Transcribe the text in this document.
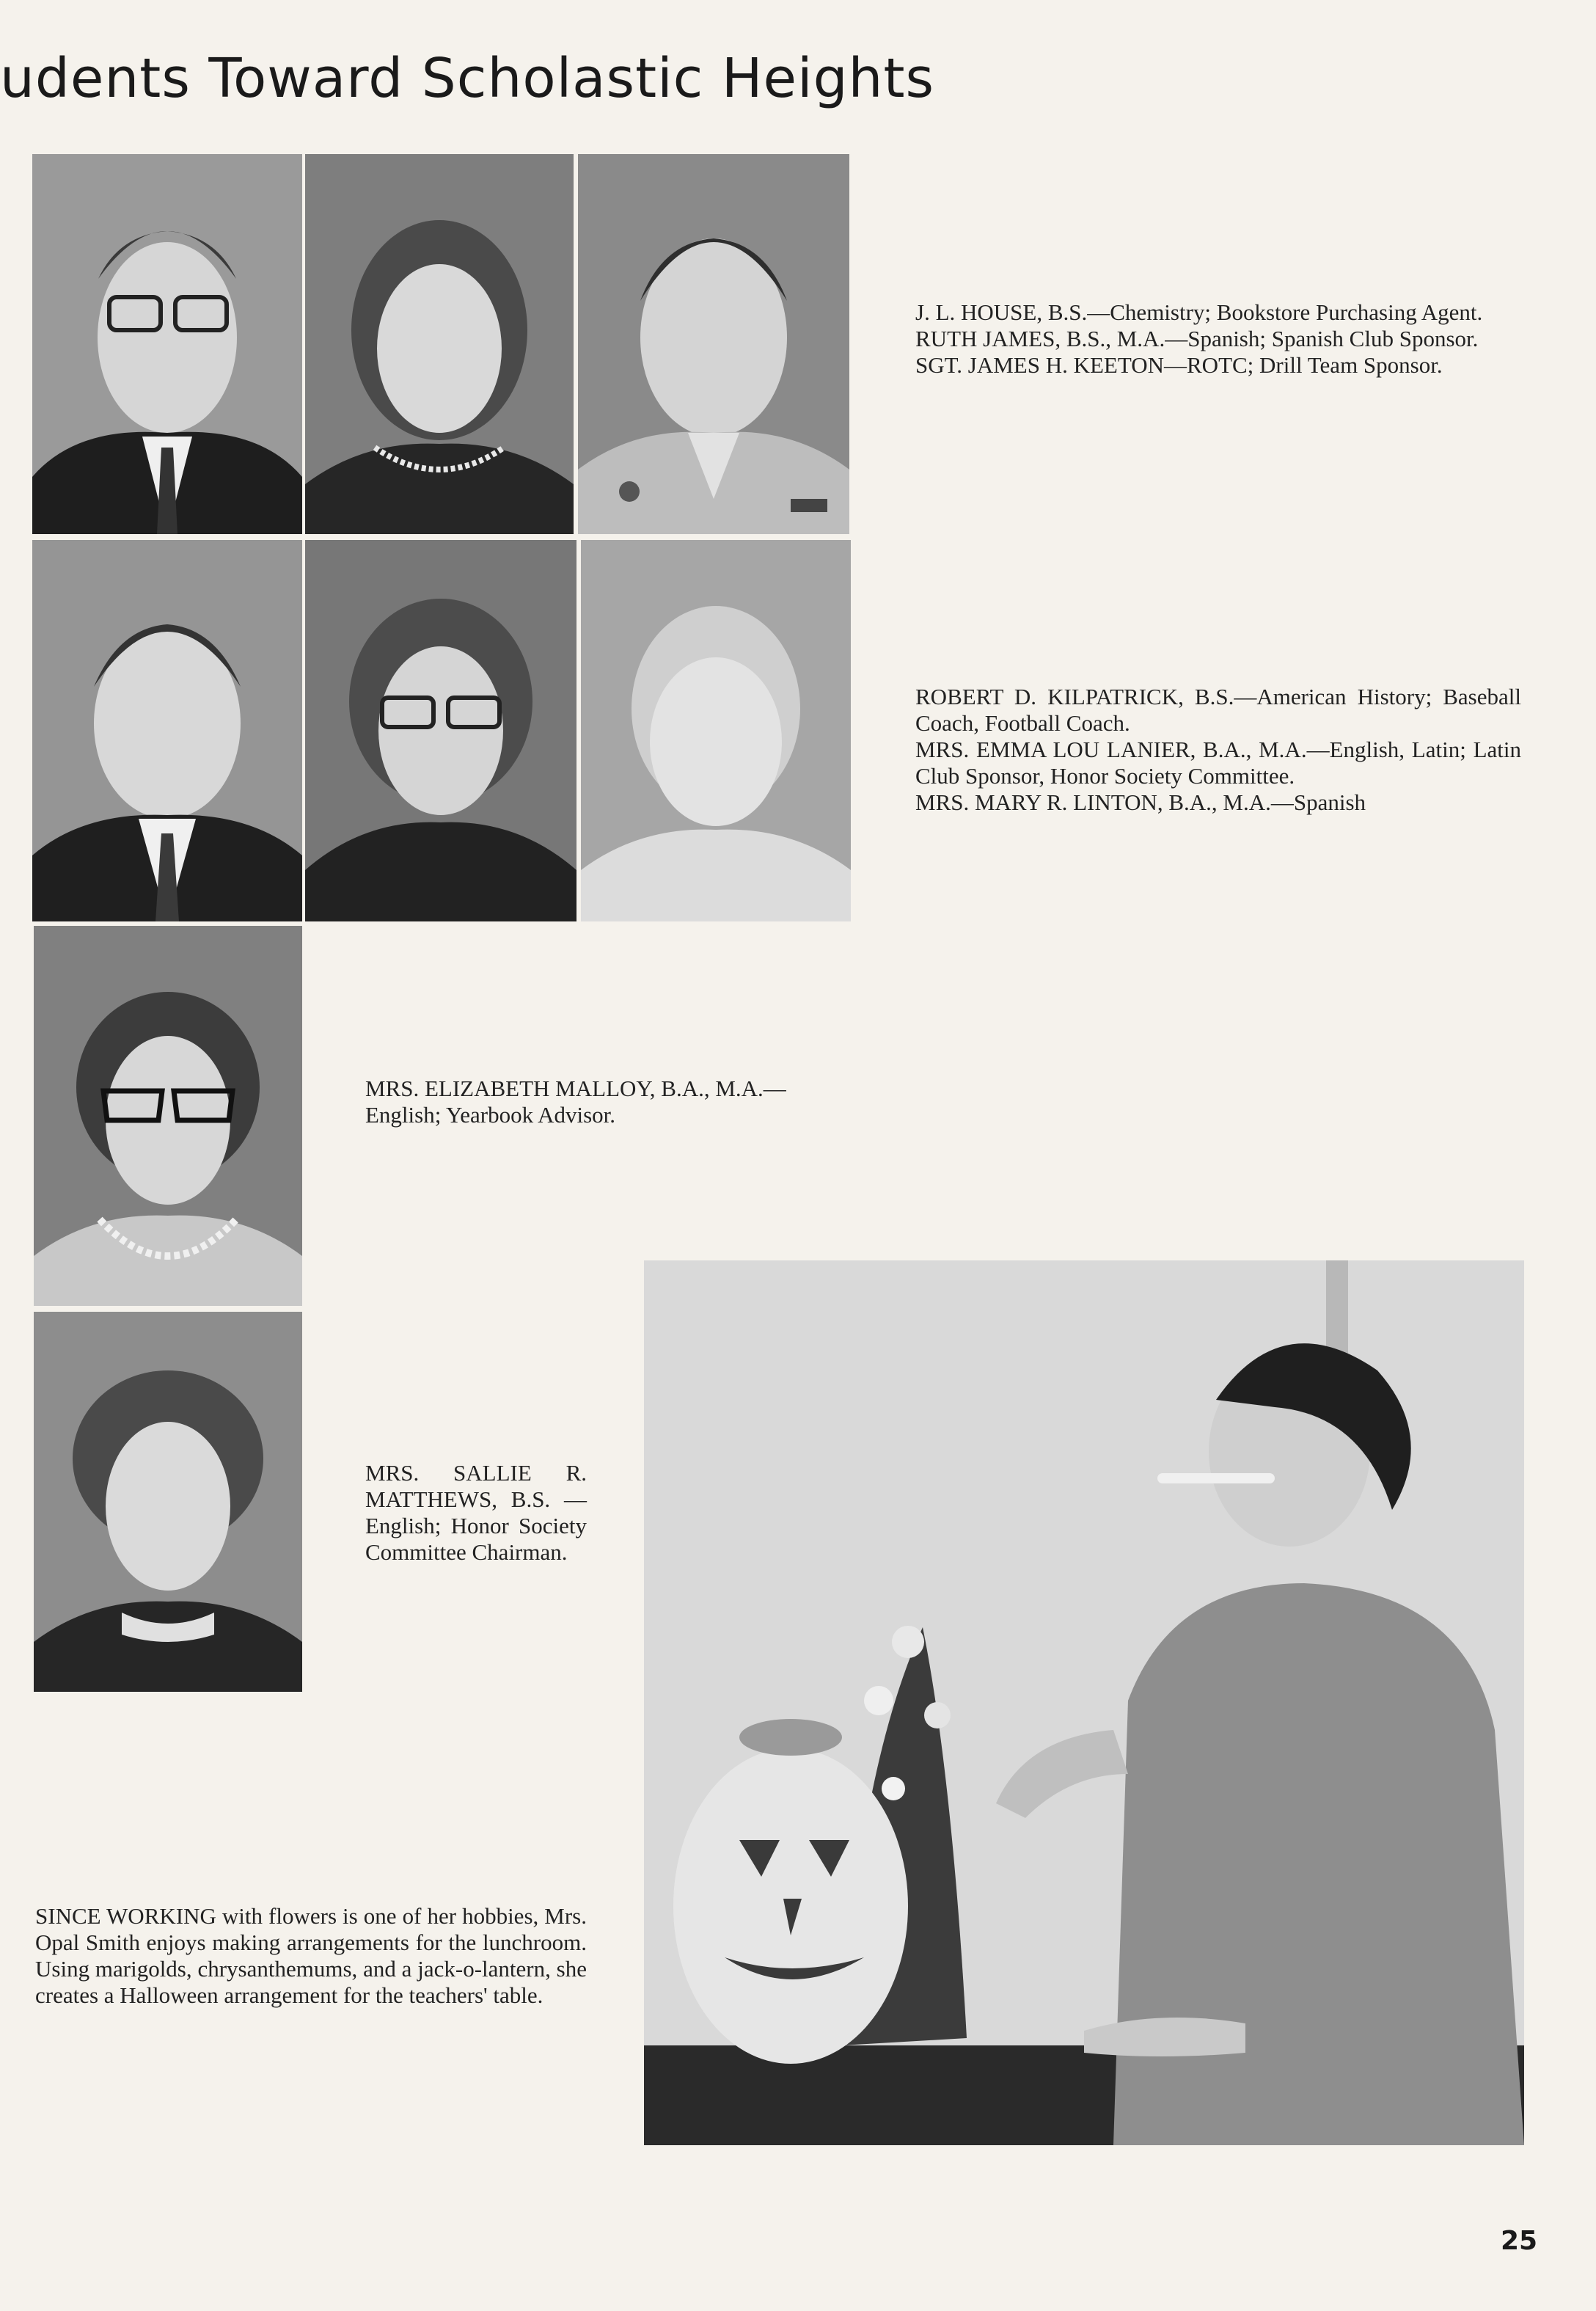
udents Toward Scholastic Heights

J. L. HOUSE, B.S.—Chemistry; Bookstore Purchasing Agent.

RUTH JAMES, B.S., M.A.—Spanish; Spanish Club Sponsor.

SGT. JAMES H. KEETON—ROTC; Drill Team Sponsor.

ROBERT D. KILPATRICK, B.S.—American History; Baseball Coach, Football Coach.

MRS. EMMA LOU LANIER, B.A., M.A.—English, Latin; Latin Club Sponsor, Honor Society Committee.

MRS. MARY R. LINTON, B.A., M.A.—Spanish

MRS. ELIZABETH MALLOY, B.A., M.A.— English; Yearbook Advisor.

MRS. SALLIE R. MATTHEWS, B.S. —English; Honor Society Committee Chairman.

SINCE WORKING with flowers is one of her hobbies, Mrs. Opal Smith enjoys making arrangements for the lunchroom. Using marigolds, chrysanthemums, and a jack-o-lantern, she creates a Halloween arrangement for the teachers' table.

25
